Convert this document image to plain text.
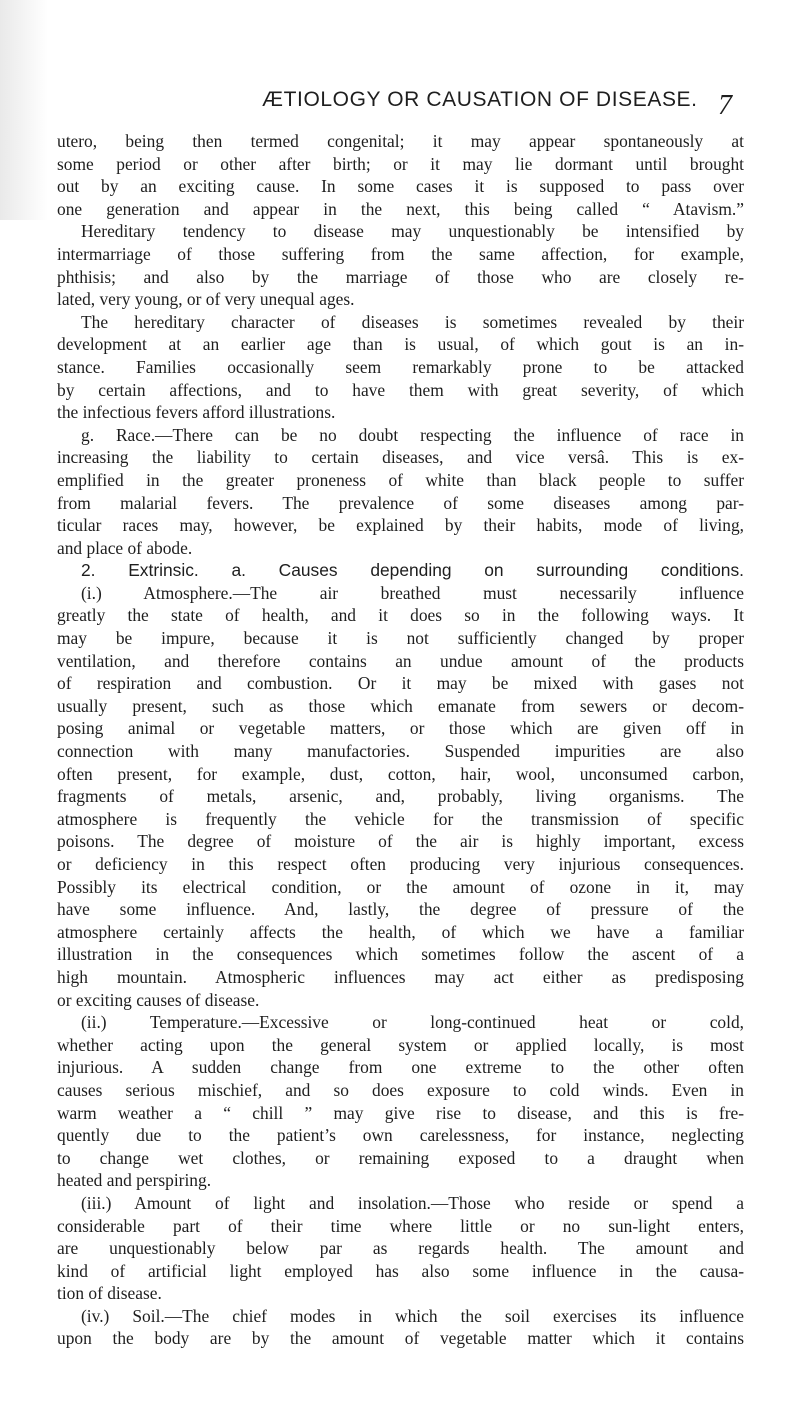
ÆTIOLOGY OR CAUSATION OF DISEASE. 7
utero, being then termed congenital; it may appear spontaneously at
some period or other after birth; or it may lie dormant until brought
out by an exciting cause. In some cases it is supposed to pass over
one generation and appear in the next, this being called “ Atavism.”
Hereditary tendency to disease may unquestionably be intensified by
intermarriage of those suffering from the same affection, for example,
phthisis; and also by the marriage of those who are closely re-
lated, very young, or of very unequal ages.
The hereditary character of diseases is sometimes revealed by their
development at an earlier age than is usual, of which gout is an in-
stance. Families occasionally seem remarkably prone to be attacked
by certain affections, and to have them with great severity, of which
the infectious fevers afford illustrations.
g. Race.—There can be no doubt respecting the influence of race in
increasing the liability to certain diseases, and vice versâ. This is ex-
emplified in the greater proneness of white than black people to suffer
from malarial fevers. The prevalence of some diseases among par-
ticular races may, however, be explained by their habits, mode of living,
and place of abode.
2. Extrinsic. a. Causes depending on surrounding conditions.
(i.) Atmosphere.—The air breathed must necessarily influence
greatly the state of health, and it does so in the following ways. It
may be impure, because it is not sufficiently changed by proper
ventilation, and therefore contains an undue amount of the products
of respiration and combustion. Or it may be mixed with gases not
usually present, such as those which emanate from sewers or decom-
posing animal or vegetable matters, or those which are given off in
connection with many manufactories. Suspended impurities are also
often present, for example, dust, cotton, hair, wool, unconsumed carbon,
fragments of metals, arsenic, and, probably, living organisms. The
atmosphere is frequently the vehicle for the transmission of specific
poisons. The degree of moisture of the air is highly important, excess
or deficiency in this respect often producing very injurious consequences.
Possibly its electrical condition, or the amount of ozone in it, may
have some influence. And, lastly, the degree of pressure of the
atmosphere certainly affects the health, of which we have a familiar
illustration in the consequences which sometimes follow the ascent of a
high mountain. Atmospheric influences may act either as predisposing
or exciting causes of disease.
(ii.) Temperature.—Excessive or long-continued heat or cold,
whether acting upon the general system or applied locally, is most
injurious. A sudden change from one extreme to the other often
causes serious mischief, and so does exposure to cold winds. Even in
warm weather a “ chill ” may give rise to disease, and this is fre-
quently due to the patient’s own carelessness, for instance, neglecting
to change wet clothes, or remaining exposed to a draught when
heated and perspiring.
(iii.) Amount of light and insolation.—Those who reside or spend a
considerable part of their time where little or no sun-light enters,
are unquestionably below par as regards health. The amount and
kind of artificial light employed has also some influence in the causa-
tion of disease.
(iv.) Soil.—The chief modes in which the soil exercises its influence
upon the body are by the amount of vegetable matter which it contains
